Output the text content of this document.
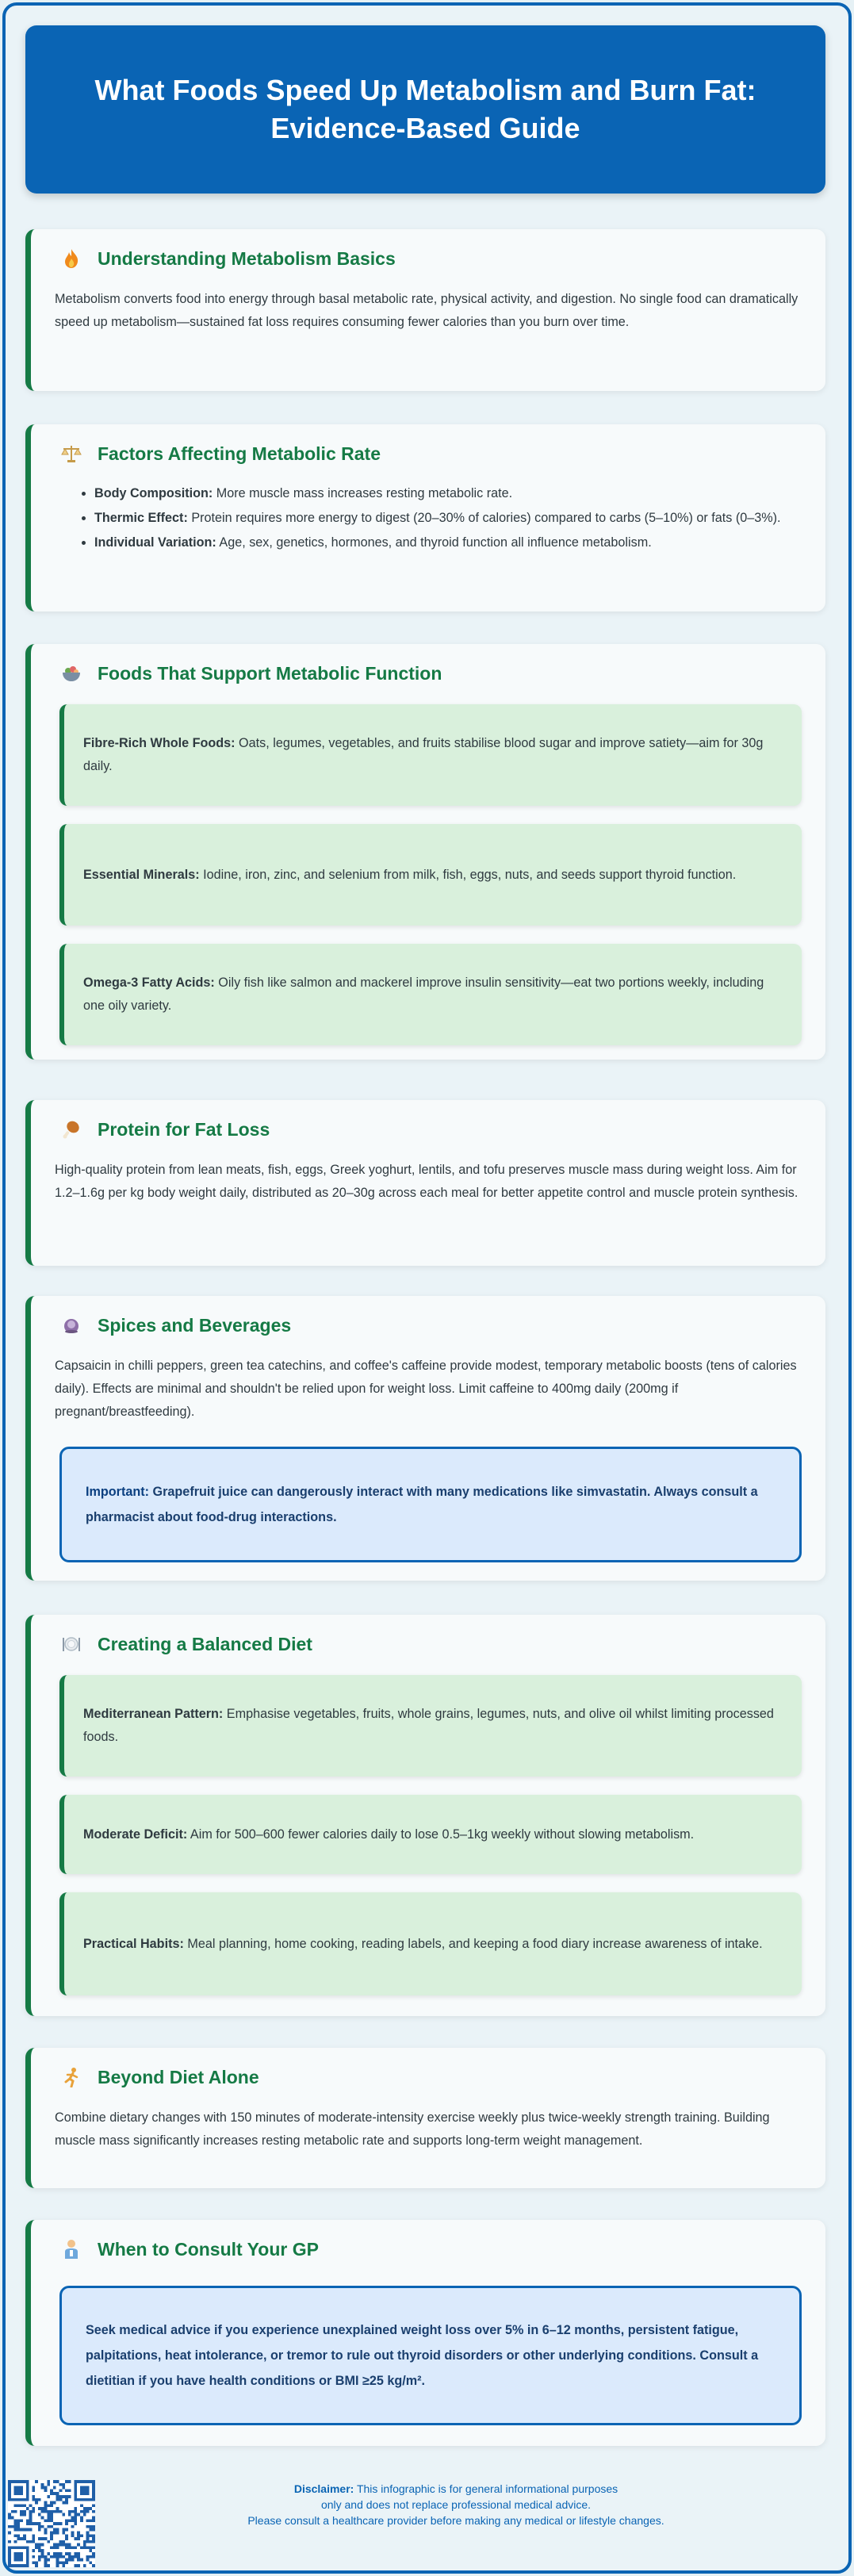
What Foods Speed Up Metabolism and Burn Fat:
Evidence-Based Guide
Understanding Metabolism Basics

Metabolism converts food into energy through basal metabolic rate, physical activity, and digestion. No single food can dramatically speed up metabolism—sustained fat loss requires consuming fewer calories than you burn over time.

Factors Affecting Metabolic Rate
• Body Composition: More muscle mass increases resting metabolic rate.
• Thermic Effect: Protein requires more energy to digest (20–30% of calories) compared to carbs (5–10%) or fats (0–3%).
• Individual Variation: Age, sex, genetics, hormones, and thyroid function all influence metabolism.
Foods That Support Metabolic Function

Fibre-Rich Whole Foods: Oats, legumes, vegetables, and fruits stabilise blood sugar and improve satiety—aim for 30g daily.

Essential Minerals: Iodine, iron, zinc, and selenium from milk, fish, eggs, nuts, and seeds support thyroid function.

Omega-3 Fatty Acids: Oily fish like salmon and mackerel improve insulin sensitivity—eat two portions weekly, including one oily variety.

Protein for Fat Loss

High-quality protein from lean meats, fish, eggs, Greek yoghurt, lentils, and tofu preserves muscle mass during weight loss. Aim for 1.2–1.6g per kg body weight daily, distributed as 20–30g across each meal for better appetite control and muscle protein synthesis.

Spices and Beverages

Capsaicin in chilli peppers, green tea catechins, and coffee's caffeine provide modest, temporary metabolic boosts (tens of calories daily). Effects are minimal and shouldn't be relied upon for weight loss. Limit caffeine to 400mg daily (200mg if pregnant/breastfeeding).

Important: Grapefruit juice can dangerously interact with many medications like simvastatin. Always consult a pharmacist about food-drug interactions.

Creating a Balanced Diet

Mediterranean Pattern: Emphasise vegetables, fruits, whole grains, legumes, nuts, and olive oil whilst limiting processed foods.

Moderate Deficit: Aim for 500–600 fewer calories daily to lose 0.5–1kg weekly without slowing metabolism.

Practical Habits: Meal planning, home cooking, reading labels, and keeping a food diary increase awareness of intake.

Beyond Diet Alone

Combine dietary changes with 150 minutes of moderate-intensity exercise weekly plus twice-weekly strength training. Building muscle mass significantly increases resting metabolic rate and supports long-term weight management.

When to Consult Your GP

Seek medical advice if you experience unexplained weight loss over 5% in 6–12 months, persistent fatigue, palpitations, heat intolerance, or tremor to rule out thyroid disorders or other underlying conditions. Consult a dietitian if you have health conditions or BMI ≥25 kg/m².

Disclaimer: This infographic is for general informational purposes
only and does not replace professional medical advice.
Please consult a healthcare provider before making any medical or lifestyle changes.
